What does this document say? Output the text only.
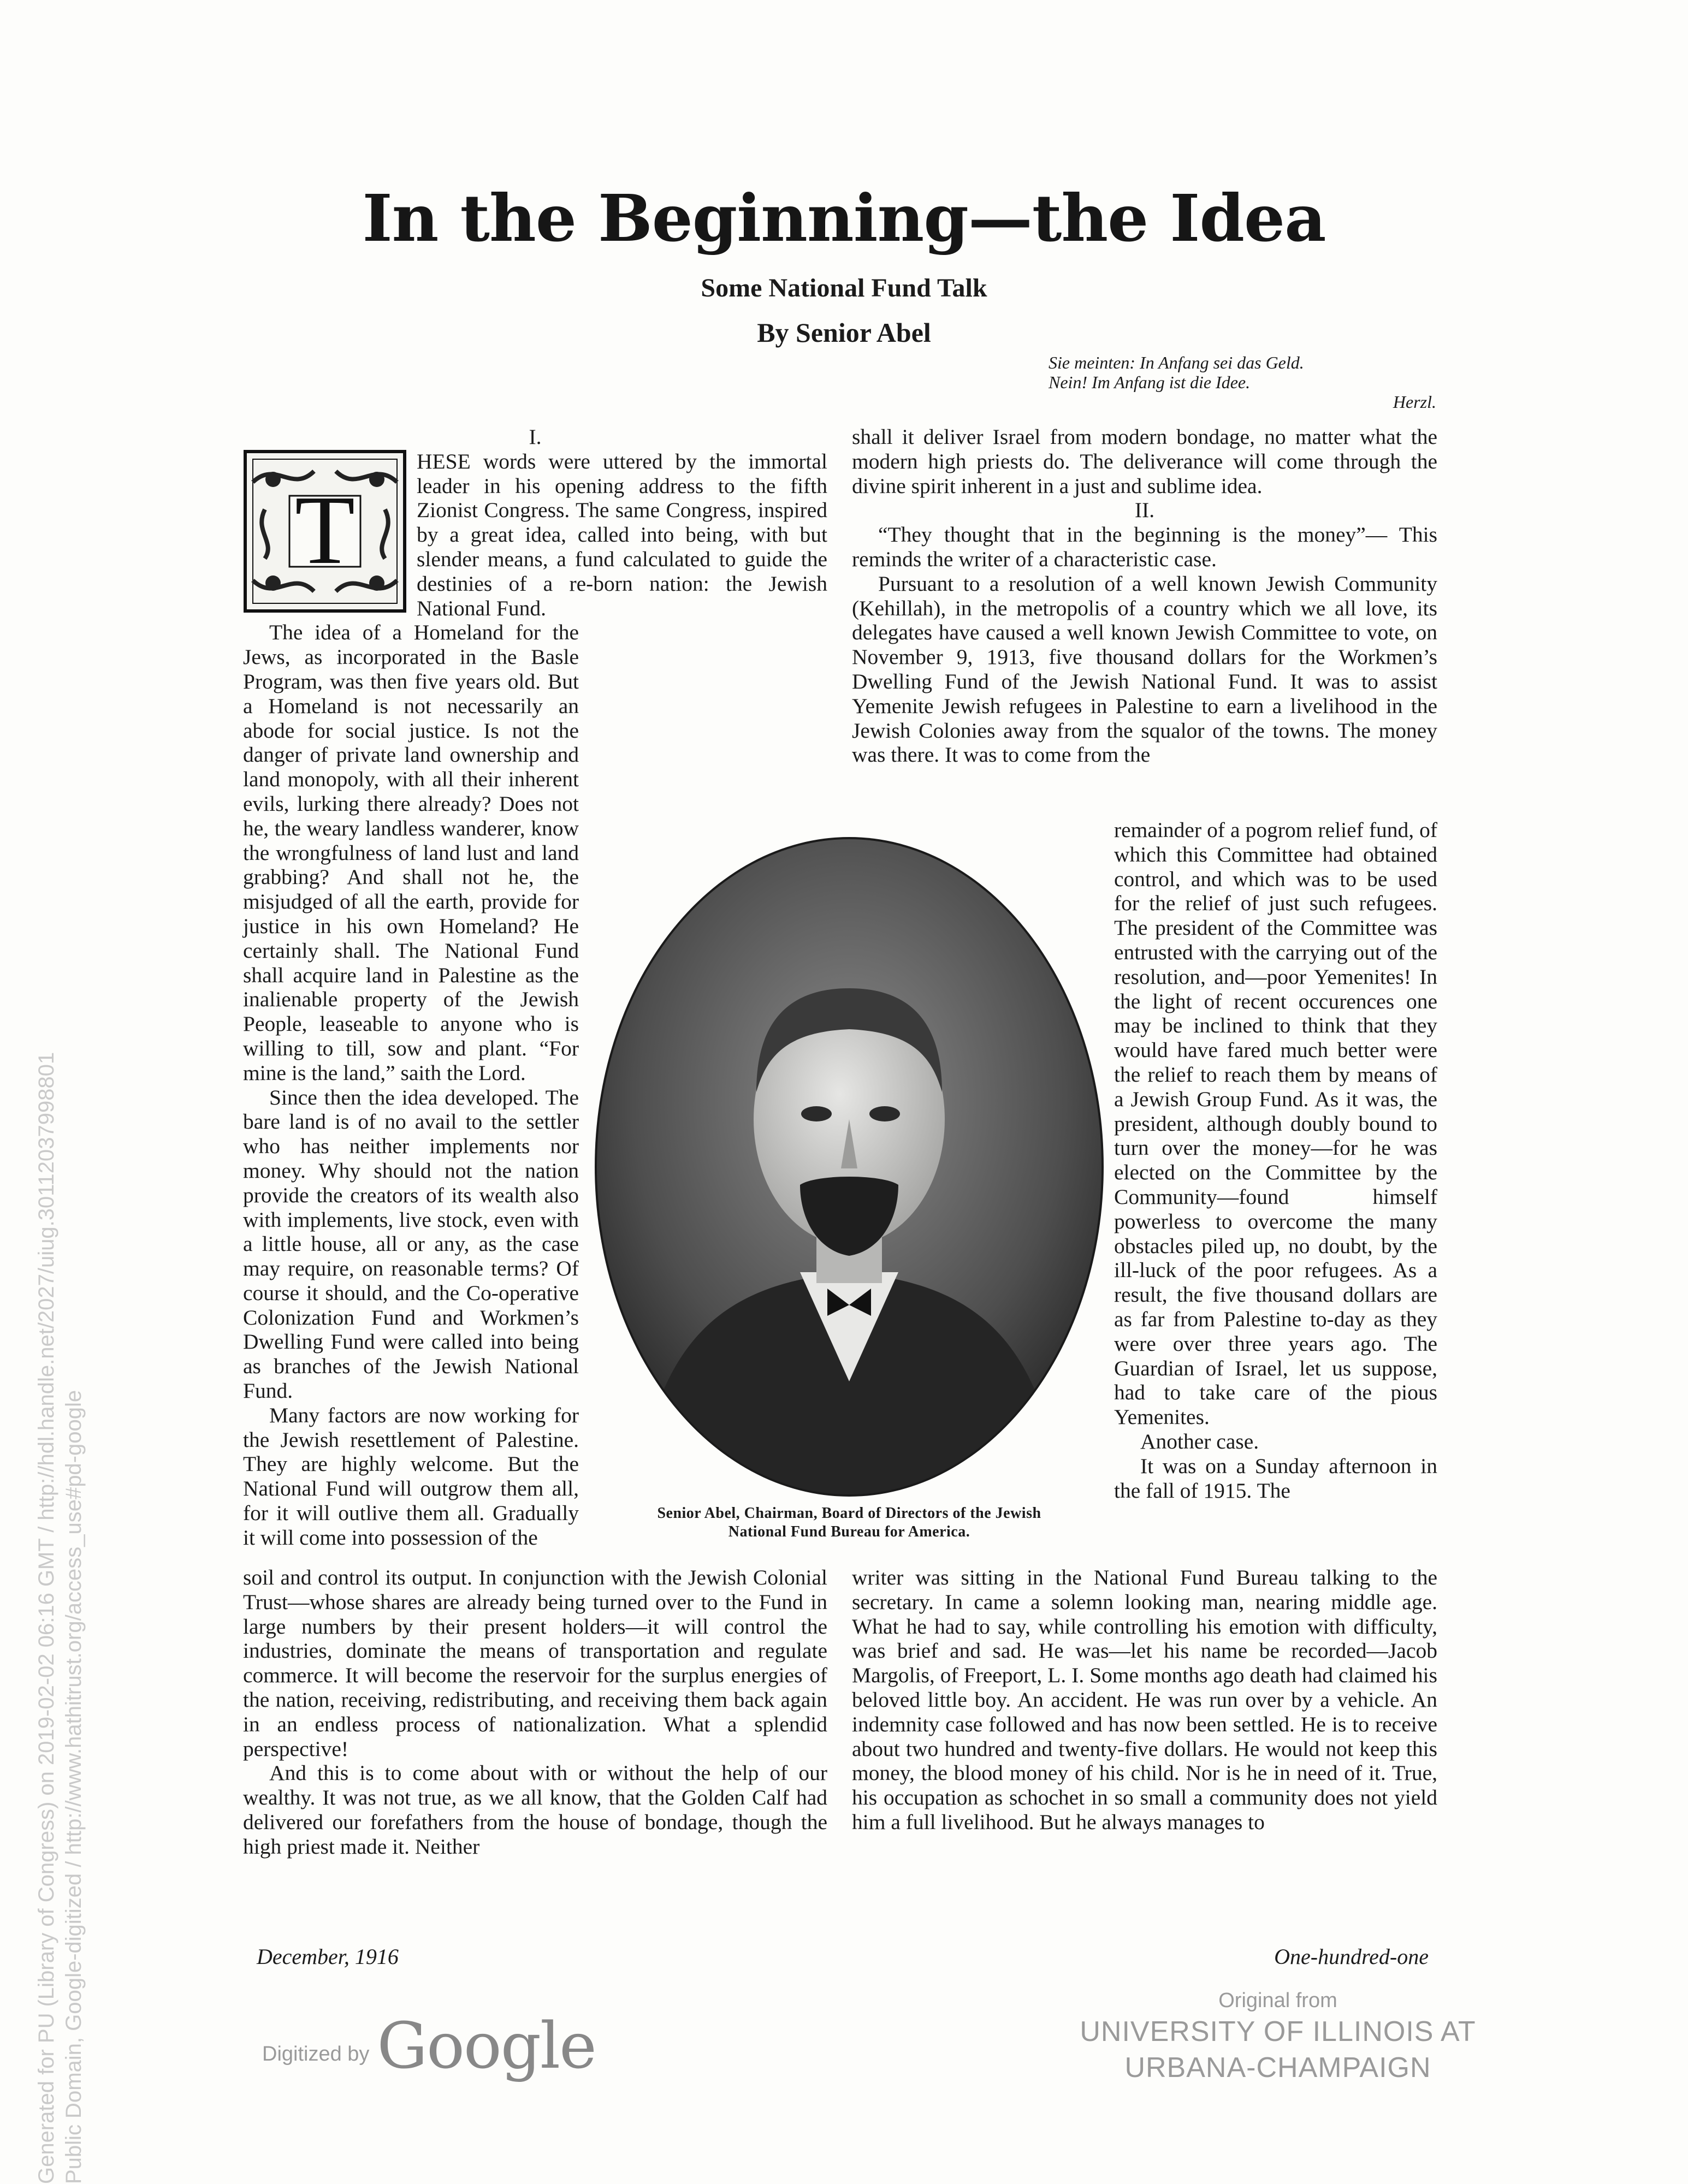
In the Beginning—the Idea
Some National Fund Talk
By Senior Abel
Sie meinten: In Anfang sei das Geld.
Nein! Im Anfang ist die Idee.
Herzl.

I.

T

HESE words were uttered by the immortal leader in his opening address to the fifth Zionist Congress. The same Congress, inspired by a great idea, called into being, with but slender means, a fund calculated to guide the destinies of a re-born nation: the Jewish National Fund.

The idea of a Homeland for the Jews, as incorporated in the Basle Program, was then five years old. But a Homeland is not necessarily an abode for social justice. Is not the danger of private land ownership and land monopoly, with all their inherent evils, lurking there already? Does not he, the weary landless wanderer, know the wrongfulness of land lust and land grabbing? And shall not he, the misjudged of all the earth, provide for justice in his own Homeland? He certainly shall. The National Fund shall acquire land in Palestine as the inalienable property of the Jewish People, leaseable to anyone who is willing to till, sow and plant. “For mine is the land,” saith the Lord.

Since then the idea developed. The bare land is of no avail to the settler who has neither implements nor money. Why should not the nation provide the creators of its wealth also with implements, live stock, even with a little house, all or any, as the case may require, on reasonable terms? Of course it should, and the Co-operative Colonization Fund and Workmen’s Dwelling Fund were called into being as branches of the Jewish National Fund.

Many factors are now working for the Jewish resettlement of Palestine. They are highly welcome. But the National Fund will outgrow them all, for it will outlive them all. Gradually it will come into possession of the

shall it deliver Israel from modern bondage, no matter what the modern high priests do. The deliverance will come through the divine spirit inherent in a just and sublime idea.

II.

“They thought that in the beginning is the money”— This reminds the writer of a characteristic case.

Pursuant to a resolution of a well known Jewish Community (Kehillah), in the metropolis of a country which we all love, its delegates have caused a well known Jewish Committee to vote, on November 9, 1913, five thousand dollars for the Workmen’s Dwelling Fund of the Jewish National Fund. It was to assist Yemenite Jewish refugees in Palestine to earn a livelihood in the Jewish Colonies away from the squalor of the towns. The money was there. It was to come from the

remainder of a pogrom relief fund, of which this Committee had obtained control, and which was to be used for the relief of just such refugees. The president of the Committee was entrusted with the carrying out of the resolution, and—poor Yemenites! In the light of recent occurences one may be inclined to think that they would have fared much better were the relief to reach them by means of a Jewish Group Fund. As it was, the president, although doubly bound to turn over the money—for he was elected on the Committee by the Community—found himself powerless to overcome the many obstacles piled up, no doubt, by the ill-luck of the poor refugees. As a result, the five thousand dollars are as far from Palestine to-day as they were over three years ago. The Guardian of Israel, let us suppose, had to take care of the pious Yemenites.

Another case.

It was on a Sunday afternoon in the fall of 1915. The

Senior Abel, Chairman, Board of Directors of the Jewish
National Fund Bureau for America.

soil and control its output. In conjunction with the Jewish Colonial Trust—whose shares are already being turned over to the Fund in large numbers by their present holders—it will control the industries, dominate the means of transportation and regulate commerce. It will become the reservoir for the surplus energies of the nation, receiving, redistributing, and receiving them back again in an endless process of nationalization. What a splendid perspective!

And this is to come about with or without the help of our wealthy. It was not true, as we all know, that the Golden Calf had delivered our forefathers from the house of bondage, though the high priest made it. Neither

writer was sitting in the National Fund Bureau talking to the secretary. In came a solemn looking man, nearing middle age. What he had to say, while controlling his emotion with difficulty, was brief and sad. He was—let his name be recorded—Jacob Margolis, of Freeport, L. I. Some months ago death had claimed his beloved little boy. An accident. He was run over by a vehicle. An indemnity case followed and has now been settled. He is to receive about two hundred and twenty-five dollars. He would not keep this money, the blood money of his child. Nor is he in need of it. True, his occupation as schochet in so small a community does not yield him a full livelihood. But he always manages to

December, 1916	One-hundred-one
Digitized by Google
Original from
UNIVERSITY OF ILLINOIS AT
URBANA-CHAMPAIGN
Generated for PU (Library of Congress) on 2019-02-02 06:16 GMT / http://hdl.handle.net/2027/uiug.30112037998801 Public Domain, Google-digitized / http://www.hathitrust.org/access_use#pd-google
